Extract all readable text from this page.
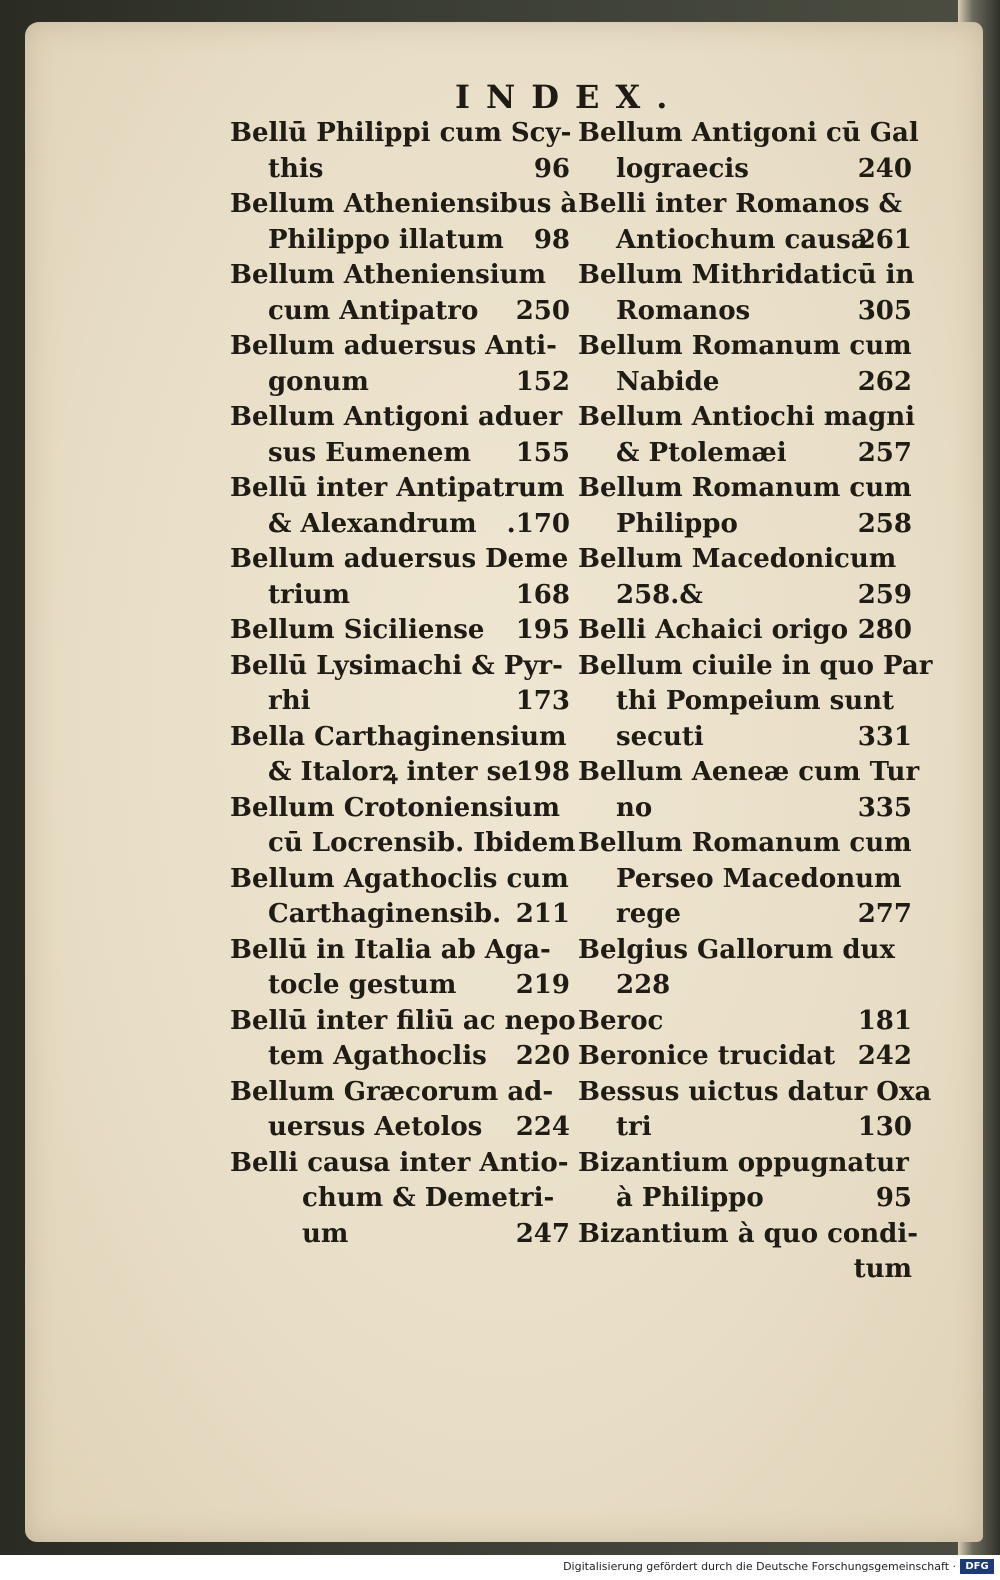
INDEX.
Bellū Philippi cum Scy-
this	96
Bellum Atheniensibus à
Philippo illatum 98
Bellum Atheniensium
cum Antipatro 250
Bellum aduersus Anti-
gonum	152
Bellum Antigoni aduer
sus Eumenem 155
Bellū inter Antipatrum
& Alexandrum .170
Bellum aduersus Deme
trium	168
Bellum Siciliense 195
Bellū Lysimachi & Pyr-
rhi	173
Bella Carthaginensium
& Italorꝝ inter se
198
Bellum Crotoniensium
cū Locrensib. Ibidem
Bellum Agathoclis cum
Carthaginensib. 211
Bellū in Italia ab Aga-
tocle gestum 219
Bellū inter filiū ac nepo
tem Agathoclis 220
Bellum Græcorum ad-
uersus Aetolos 224
Belli causa inter Antio-
chum & Demetri-
um	247
Bellum Antigoni cū Gal
lograecis	240
Belli inter Romanos &
Antiochum causa
261
Bellum Mithridaticū in
Romanos	305
Bellum Romanum cum
Nabide	262
Bellum Antiochi magni
& Ptolemæi	257
Bellum Romanum cum
Philippo	258
Bellum Macedonicum
258.&	259
Belli Achaici origo 280
Bellum ciuile in quo Par
thi Pompeium sunt
secuti	331
Bellum Aeneæ cum Tur
no	335
Bellum Romanum cum
Perseo Macedonum
rege	277
Belgius Gallorum dux
228
Beroc	181
Beronice trucidat 242
Bessus uictus datur Oxa
tri	130
Bizantium oppugnatur
à Philippo	95
Bizantium à quo condi-
tum
Digitalisierung gefördert durch die Deutsche Forschungsgemeinschaft · DFG
